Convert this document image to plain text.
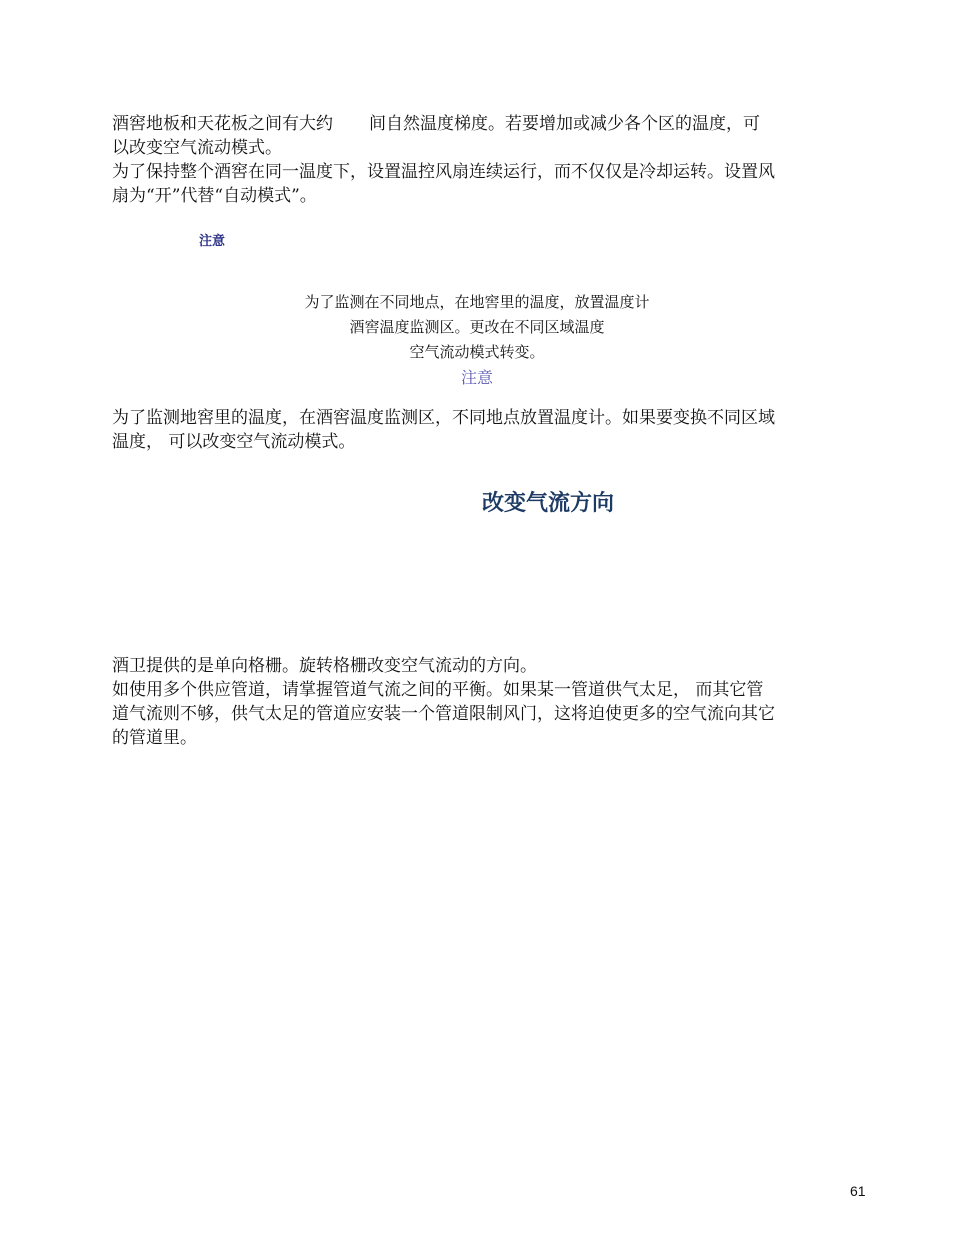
酒窖地板和天花板之间有大约 间自然温度梯度。若要增加或减少各个区的温度，可
以改变空气流动模式。
为了保持整个酒窖在同一温度下，设置温控风扇连续运行，而不仅仅是冷却运转。设置风
扇为“开”代替“自动模式”。

注意

为了监测在不同地点，在地窖里的温度，放置温度计
酒窖温度监测区。更改在不同区域温度
空气流动模式转变。
注意

为了监测地窖里的温度，在酒窖温度监测区，不同地点放置温度计。如果要变换不同区域
温度， 可以改变空气流动模式。

改变气流方向

酒卫提供的是单向格栅。旋转格栅改变空气流动的方向。
如使用多个供应管道，请掌握管道气流之间的平衡。如果某一管道供气太足， 而其它管
道气流则不够，供气太足的管道应安装一个管道限制风门，这将迫使更多的空气流向其它
的管道里。

61
